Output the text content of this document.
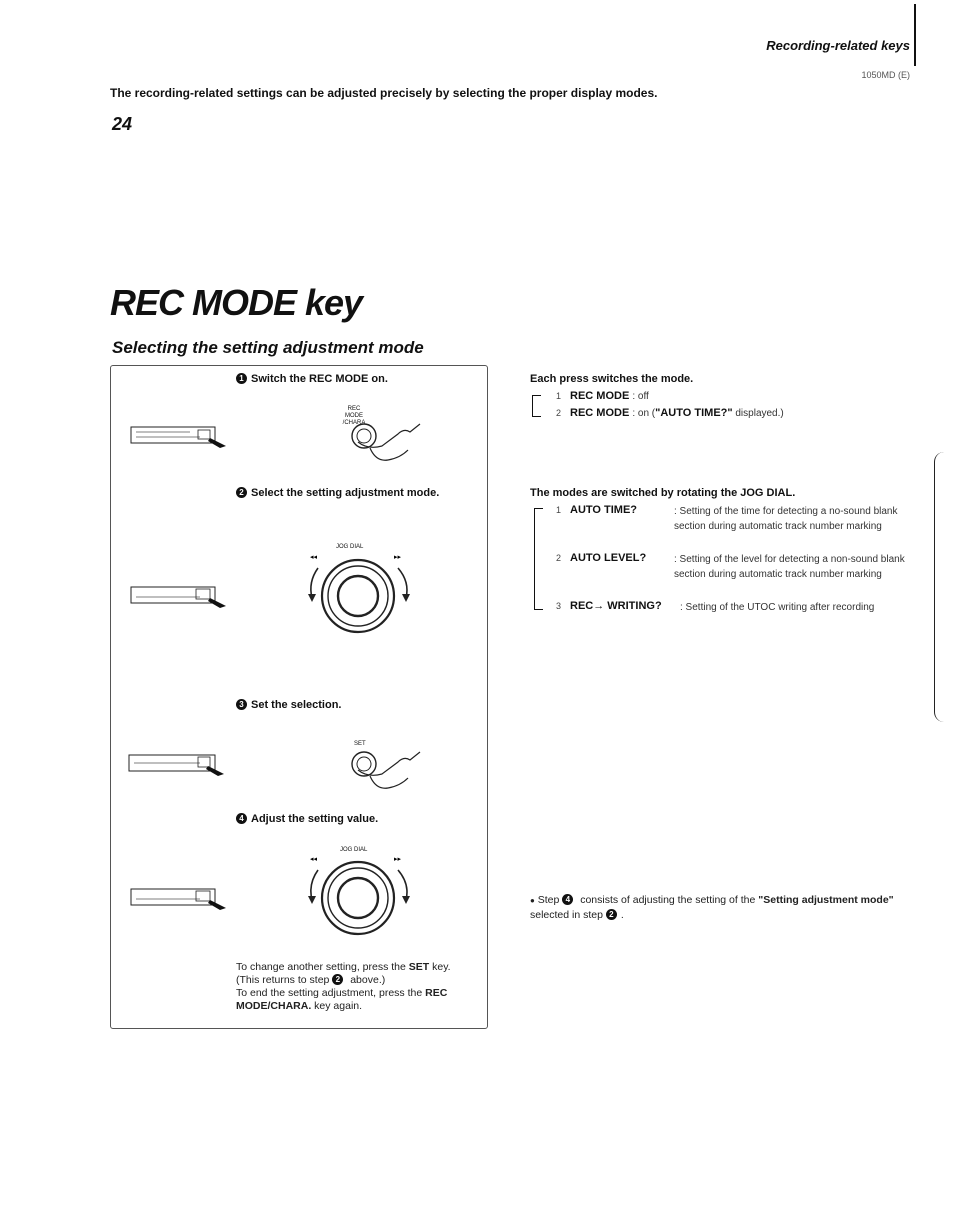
Recording-related keys
1050MD (E)
The recording-related settings can be adjusted precisely by selecting the proper display modes.
24
REC MODE key
Selecting the setting adjustment mode
1 Switch the REC MODE on.
REC MODE /CHARA
2 Select the setting adjustment mode.
JOG DIAL
◂◂	▸▸
3 Set the selection.
SET
4 Adjust the setting value.
JOG DIAL
◂◂	▸▸
To change another setting, press the SET key.
(This returns to step 2 above.)
To end the setting adjustment, press the REC MODE/CHARA. key again.
Each press switches the mode.
1 REC MODE : off
2 REC MODE : on ("AUTO TIME?" displayed.)
The modes are switched by rotating the JOG DIAL.
1 AUTO TIME?	: Setting of the time for detecting a no-sound blank section during automatic track number marking
2 AUTO LEVEL?	: Setting of the level for detecting a non-sound blank section during automatic track number marking
3 REC→ WRITING? : Setting of the UTOC writing after recording
● Step 4 consists of adjusting the setting of the "Setting adjustment mode" selected in step 2 .
